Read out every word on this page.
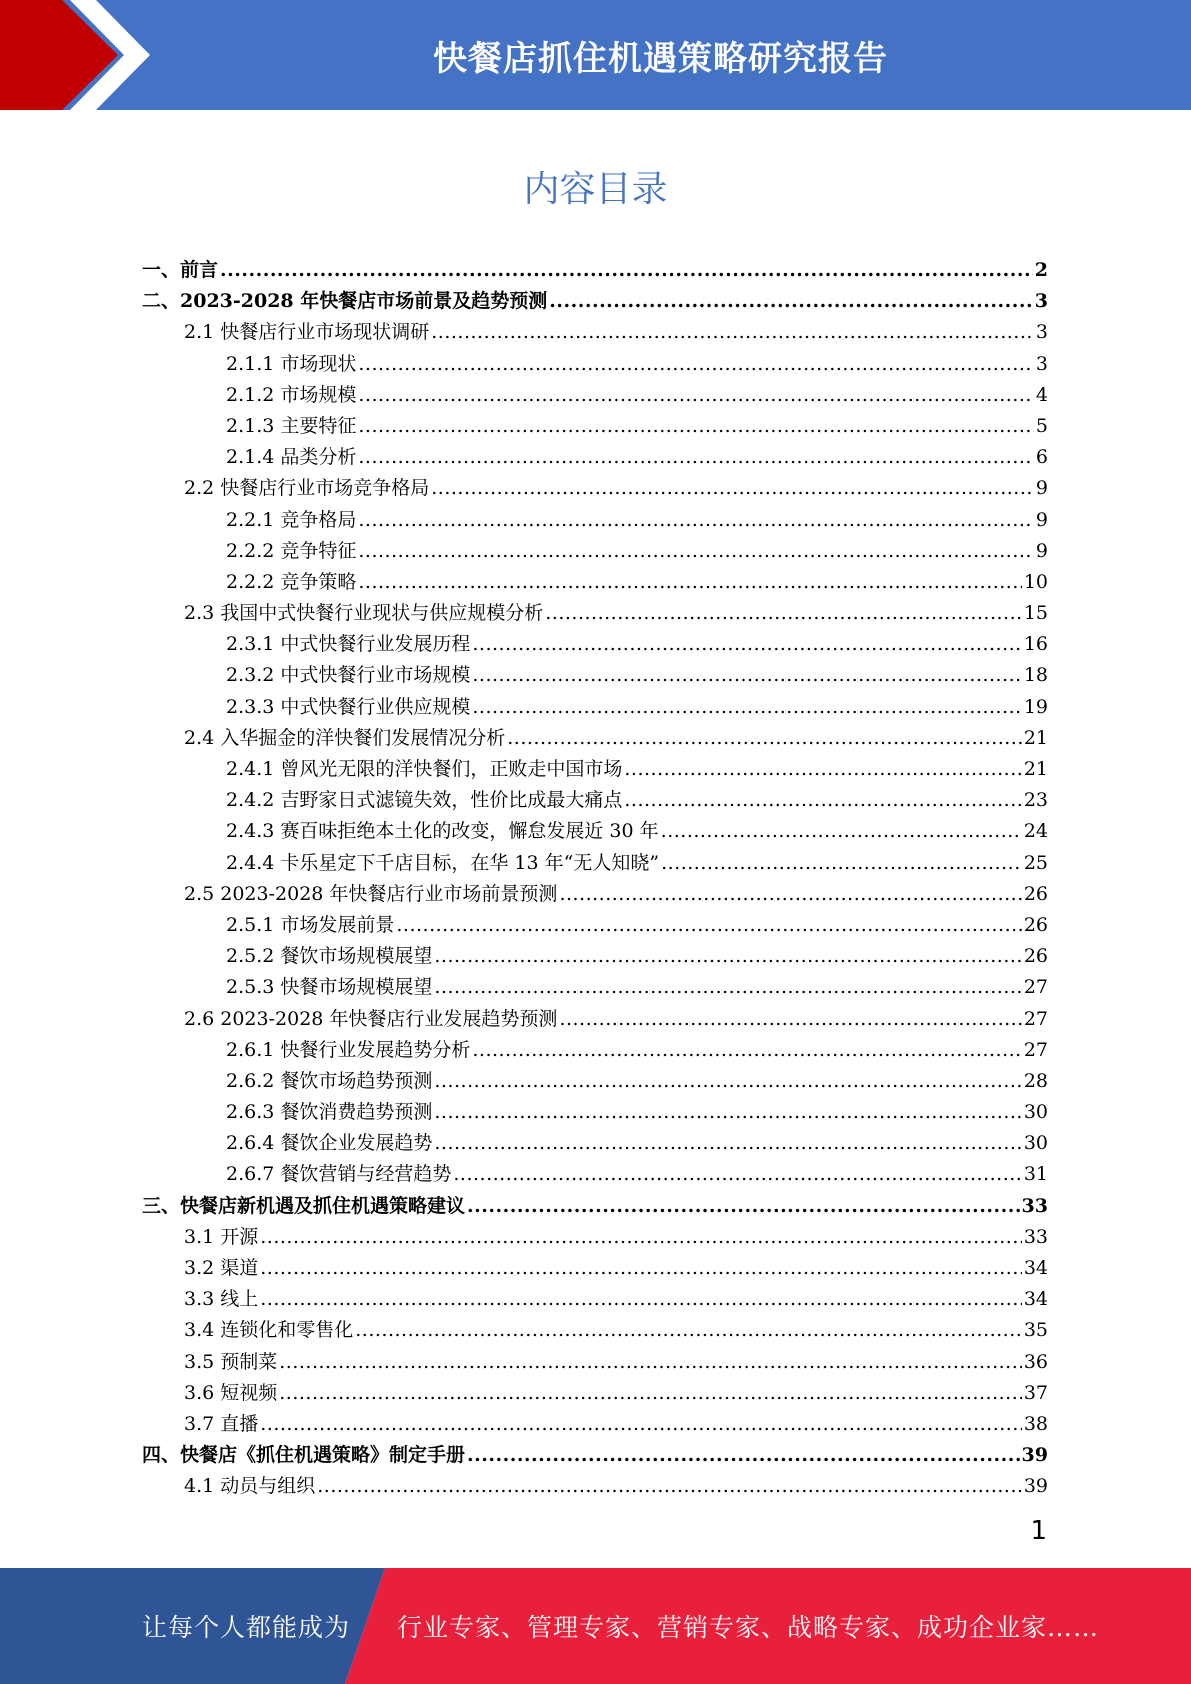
快餐店抓住机遇策略研究报告
内容目录
一、前言 .....	2
二、2023-2028 年快餐店市场前景及趋势预测 .....	3
2.1 快餐店行业市场现状调研 .....	3
2.1.1 市场现状 .....	3
2.1.2 市场规模 .....	4
2.1.3 主要特征 .....	5
2.1.4 品类分析 .....	6
2.2 快餐店行业市场竞争格局 .....	9
2.2.1 竞争格局 .....	9
2.2.2 竞争特征 .....	9
2.2.2 竞争策略 .....	10
2.3 我国中式快餐行业现状与供应规模分析 .....	15
2.3.1 中式快餐行业发展历程 .....	16
2.3.2 中式快餐行业市场规模 .....	18
2.3.3 中式快餐行业供应规模 .....	19
2.4 入华掘金的洋快餐们发展情况分析 .....	21
2.4.1 曾风光无限的洋快餐们，正败走中国市场 .....	21
2.4.2 吉野家日式滤镜失效，性价比成最大痛点 .....	23
2.4.3 赛百味拒绝本土化的改变，懈怠发展近 30 年 .....	24
2.4.4 卡乐星定下千店目标，在华 13 年“无人知晓” .....	25
2.5 2023-2028 年快餐店行业市场前景预测 .....	26
2.5.1 市场发展前景 .....	26
2.5.2 餐饮市场规模展望 .....	26
2.5.3 快餐市场规模展望 .....	27
2.6 2023-2028 年快餐店行业发展趋势预测 .....	27
2.6.1 快餐行业发展趋势分析 .....	27
2.6.2 餐饮市场趋势预测 .....	28
2.6.3 餐饮消费趋势预测 .....	30
2.6.4 餐饮企业发展趋势 .....	30
2.6.7 餐饮营销与经营趋势 .....	31
三、快餐店新机遇及抓住机遇策略建议 .....	33
3.1 开源 .....	33
3.2 渠道 .....	34
3.3 线上 .....	34
3.4 连锁化和零售化 .....	35
3.5 预制菜 .....	36
3.6 短视频 .....	37
3.7 直播 .....	38
四、快餐店《抓住机遇策略》制定手册 .....	39
4.1 动员与组织 .....	39
1
让每个人都能成为 行业专家、管理专家、营销专家、战略专家、成功企业家……
